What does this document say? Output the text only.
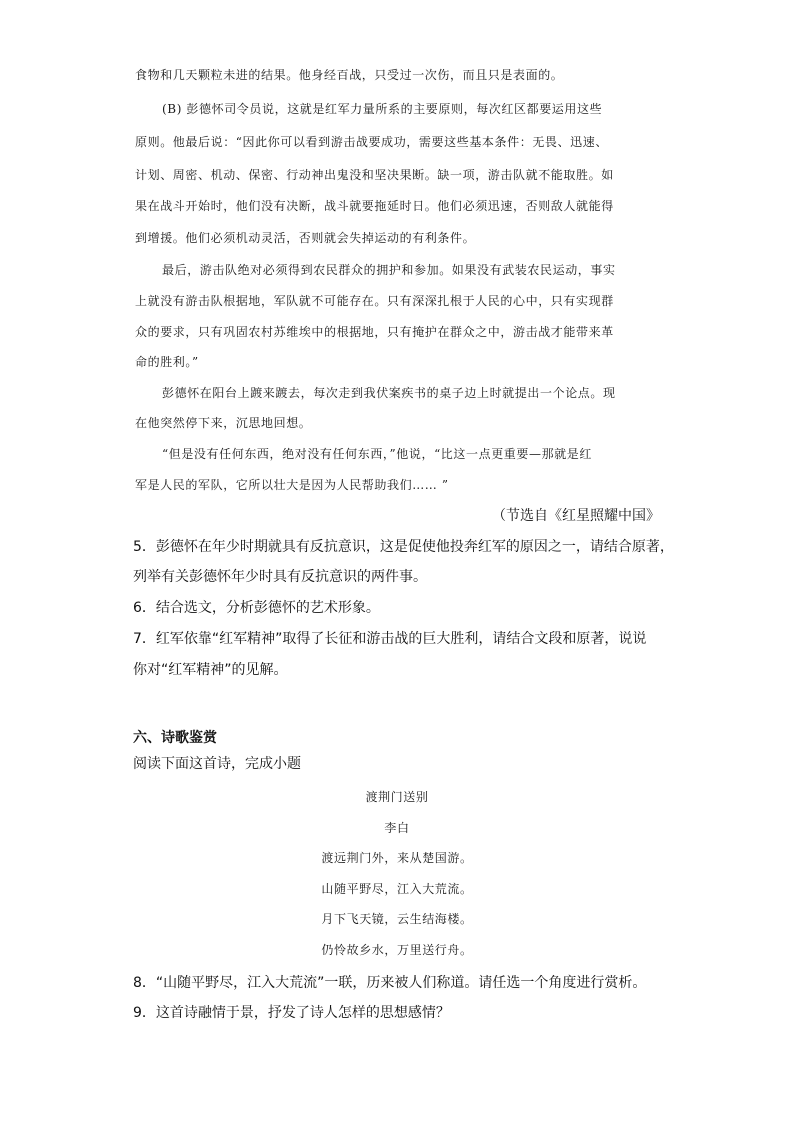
食物和几天颗粒未进的结果。他身经百战，只受过一次伤，而且只是表面的。
(B) 彭德怀司令员说，这就是红军力量所系的主要原则，每次红区都要运用这些
原则。他最后说：“因此你可以看到游击战要成功，需要这些基本条件：无畏、迅速、
计划、周密、机动、保密、行动神出鬼没和坚决果断。缺一项，游击队就不能取胜。如
果在战斗开始时，他们没有决断，战斗就要拖延时日。他们必须迅速，否则敌人就能得
到增援。他们必须机动灵活，否则就会失掉运动的有利条件。
最后，游击队绝对必须得到农民群众的拥护和参加。如果没有武装农民运动，事实
上就没有游击队根据地，军队就不可能存在。只有深深扎根于人民的心中，只有实现群
众的要求，只有巩固农村苏维埃中的根据地，只有掩护在群众之中，游击战才能带来革
命的胜利。”
彭德怀在阳台上踱来踱去，每次走到我伏案疾书的桌子边上时就提出一个论点。现
在他突然停下来，沉思地回想。
“但是没有任何东西，绝对没有任何东西，”他说，“比这一点更重要—那就是红
军是人民的军队，它所以壮大是因为人民帮助我们…… ”
（节选自《红星照耀中国》
5．彭德怀在年少时期就具有反抗意识，这是促使他投奔红军的原因之一，请结合原著，
列举有关彭德怀年少时具有反抗意识的两件事。
6．结合选文，分析彭德怀的艺术形象。
7．红军依靠“红军精神”取得了长征和游击战的巨大胜利，请结合文段和原著，说说
你对“红军精神”的见解。
六、诗歌鉴赏
阅读下面这首诗，完成小题
渡荆门送别
李白
渡远荆门外，来从楚国游。
山随平野尽，江入大荒流。
月下飞天镜，云生结海楼。
仍怜故乡水，万里送行舟。
8．“山随平野尽，江入大荒流”一联，历来被人们称道。请任选一个角度进行赏析。
9．这首诗融情于景，抒发了诗人怎样的思想感情？
